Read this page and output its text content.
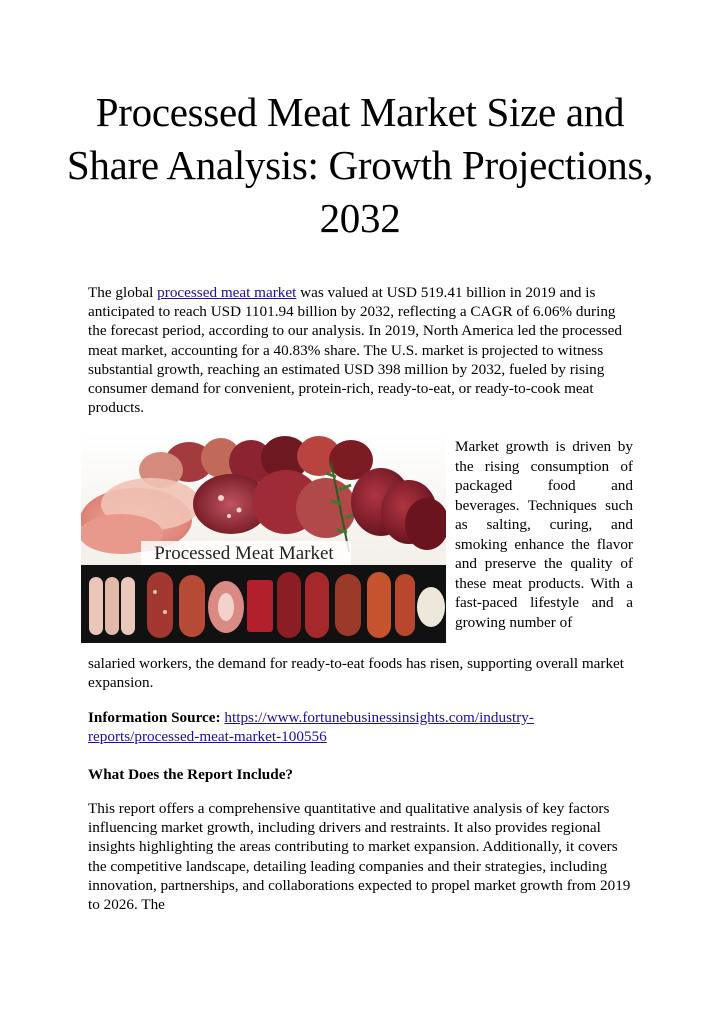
Processed Meat Market Size and Share Analysis: Growth Projections, 2032

The global processed meat market was valued at USD 519.41 billion in 2019 and is anticipated to reach USD 1101.94 billion by 2032, reflecting a CAGR of 6.06% during the forecast period, according to our analysis. In 2019, North America led the processed meat market, accounting for a 40.83% share. The U.S. market is projected to witness substantial growth, reaching an estimated USD 398 million by 2032, fueled by rising consumer demand for convenient, protein-rich, ready-to-eat, or ready-to-cook meat products.

Processed Meat Market

Market growth is driven by the rising consumption of packaged food and beverages. Techniques such as salting, curing, and smoking enhance the flavor and preserve the quality of these meat products. With a fast-paced lifestyle and a growing number of

salaried workers, the demand for ready-to-eat foods has risen, supporting overall market expansion.

Information Source: https://www.fortunebusinessinsights.com/industry-reports/processed-meat-market-100556

What Does the Report Include?

This report offers a comprehensive quantitative and qualitative analysis of key factors influencing market growth, including drivers and restraints. It also provides regional insights highlighting the areas contributing to market expansion. Additionally, it covers the competitive landscape, detailing leading companies and their strategies, including innovation, partnerships, and collaborations expected to propel market growth from 2019 to 2026. The
